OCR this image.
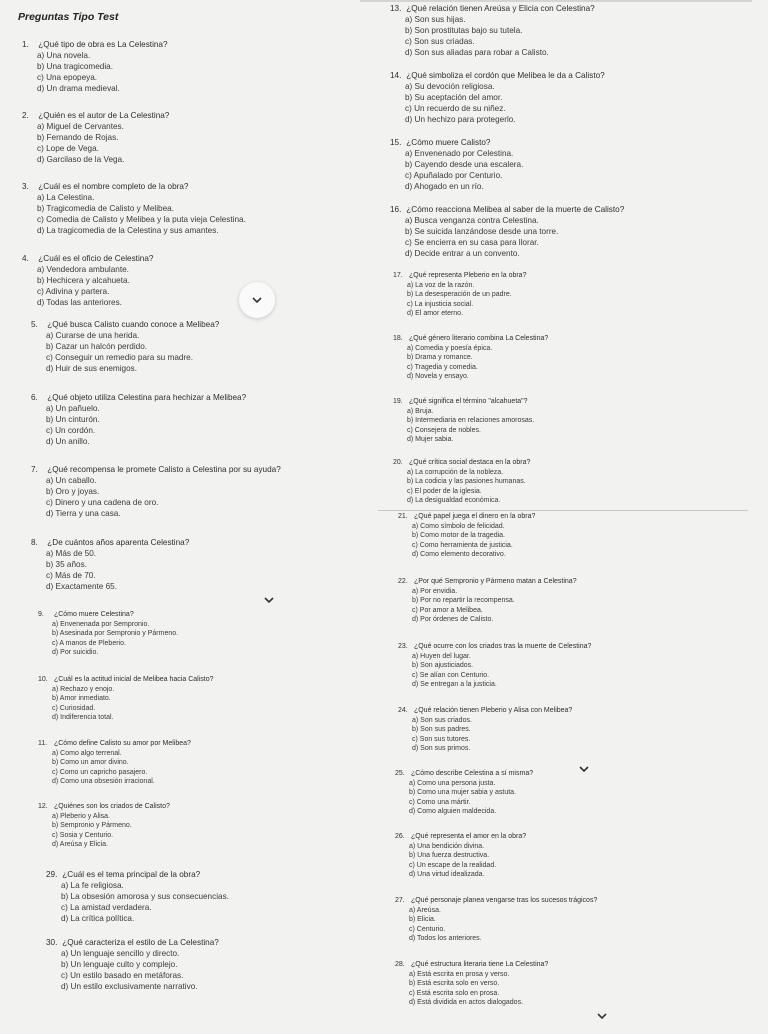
Preguntas Tipo Test
1. ¿Qué tipo de obra es La Celestina?
a) Una novela.
b) Una tragicomedia.
c) Una epopeya.
d) Un drama medieval.
2. ¿Quién es el autor de La Celestina?
a) Miguel de Cervantes.
b) Fernando de Rojas.
c) Lope de Vega.
d) Garcilaso de la Vega.
3. ¿Cuál es el nombre completo de la obra?
a) La Celestina.
b) Tragicomedia de Calisto y Melibea.
c) Comedia de Calisto y Melibea y la puta vieja Celestina.
d) La tragicomedia de la Celestina y sus amantes.
4. ¿Cuál es el oficio de Celestina?
a) Vendedora ambulante.
b) Hechicera y alcahueta.
c) Adivina y partera.
d) Todas las anteriores.
5. ¿Qué busca Calisto cuando conoce a Melibea?
a) Curarse de una herida.
b) Cazar un halcón perdido.
c) Conseguir un remedio para su madre.
d) Huir de sus enemigos.
6. ¿Qué objeto utiliza Celestina para hechizar a Melibea?
a) Un pañuelo.
b) Un cinturón.
c) Un cordón.
d) Un anillo.
7. ¿Qué recompensa le promete Calisto a Celestina por su ayuda?
a) Un caballo.
b) Oro y joyas.
c) Dinero y una cadena de oro.
d) Tierra y una casa.
8. ¿De cuántos años aparenta Celestina?
a) Más de 50.
b) 35 años.
c) Más de 70.
d) Exactamente 65.
9. ¿Cómo muere Celestina?
a) Envenenada por Sempronio.
b) Asesinada por Sempronio y Pármeno.
c) A manos de Pleberio.
d) Por suicidio.
10. ¿Cuál es la actitud inicial de Melibea hacia Calisto?
a) Rechazo y enojo.
b) Amor inmediato.
c) Curiosidad.
d) Indiferencia total.
11. ¿Cómo define Calisto su amor por Melibea?
a) Como algo terrenal.
b) Como un amor divino.
c) Como un capricho pasajero.
d) Como una obsesión irracional.
12. ¿Quiénes son los criados de Calisto?
a) Pleberio y Alisa.
b) Sempronio y Pármeno.
c) Sosia y Centurio.
d) Areúsa y Elicia.
29. ¿Cuál es el tema principal de la obra?
a) La fe religiosa.
b) La obsesión amorosa y sus consecuencias.
c) La amistad verdadera.
d) La crítica política.
30. ¿Qué caracteriza el estilo de La Celestina?
a) Un lenguaje sencillo y directo.
b) Un lenguaje culto y complejo.
c) Un estilo basado en metáforas.
d) Un estilo exclusivamente narrativo.
13. ¿Qué relación tienen Areúsa y Elicia con Celestina?
a) Son sus hijas.
b) Son prostitutas bajo su tutela.
c) Son sus criadas.
d) Son sus aliadas para robar a Calisto.
14. ¿Qué simboliza el cordón que Melibea le da a Calisto?
a) Su devoción religiosa.
b) Su aceptación del amor.
c) Un recuerdo de su niñez.
d) Un hechizo para protegerlo.
15. ¿Cómo muere Calisto?
a) Envenenado por Celestina.
b) Cayendo desde una escalera.
c) Apuñalado por Centurio.
d) Ahogado en un río.
16. ¿Cómo reacciona Melibea al saber de la muerte de Calisto?
a) Busca venganza contra Celestina.
b) Se suicida lanzándose desde una torre.
c) Se encierra en su casa para llorar.
d) Decide entrar a un convento.
17. ¿Qué representa Pleberio en la obra?
a) La voz de la razón.
b) La desesperación de un padre.
c) La injusticia social.
d) El amor eterno.
18. ¿Qué género literario combina La Celestina?
a) Comedia y poesía épica.
b) Drama y romance.
c) Tragedia y comedia.
d) Novela y ensayo.
19. ¿Qué significa el término "alcahueta"?
a) Bruja.
b) Intermediaria en relaciones amorosas.
c) Consejera de nobles.
d) Mujer sabia.
20. ¿Qué crítica social destaca en la obra?
a) La corrupción de la nobleza.
b) La codicia y las pasiones humanas.
c) El poder de la iglesia.
d) La desigualdad económica.
21. ¿Qué papel juega el dinero en la obra?
a) Como símbolo de felicidad.
b) Como motor de la tragedia.
c) Como herramienta de justicia.
d) Como elemento decorativo.
22. ¿Por qué Sempronio y Pármeno matan a Celestina?
a) Por envidia.
b) Por no repartir la recompensa.
c) Por amor a Melibea.
d) Por órdenes de Calisto.
23. ¿Qué ocurre con los criados tras la muerte de Celestina?
a) Huyen del lugar.
b) Son ajusticiados.
c) Se alían con Centurio.
d) Se entregan a la justicia.
24. ¿Qué relación tienen Pleberio y Alisa con Melibea?
a) Son sus criados.
b) Son sus padres.
c) Son sus tutores.
d) Son sus primos.
25. ¿Cómo describe Celestina a sí misma?
a) Como una persona justa.
b) Como una mujer sabia y astuta.
c) Como una mártir.
d) Como alguien maldecida.
26. ¿Qué representa el amor en la obra?
a) Una bendición divina.
b) Una fuerza destructiva.
c) Un escape de la realidad.
d) Una virtud idealizada.
27. ¿Qué personaje planea vengarse tras los sucesos trágicos?
a) Areúsa.
b) Elicia.
c) Centurio.
d) Todos los anteriores.
28. ¿Qué estructura literaria tiene La Celestina?
a) Está escrita en prosa y verso.
b) Está escrita solo en verso.
c) Está escrita solo en prosa.
d) Está dividida en actos dialogados.
